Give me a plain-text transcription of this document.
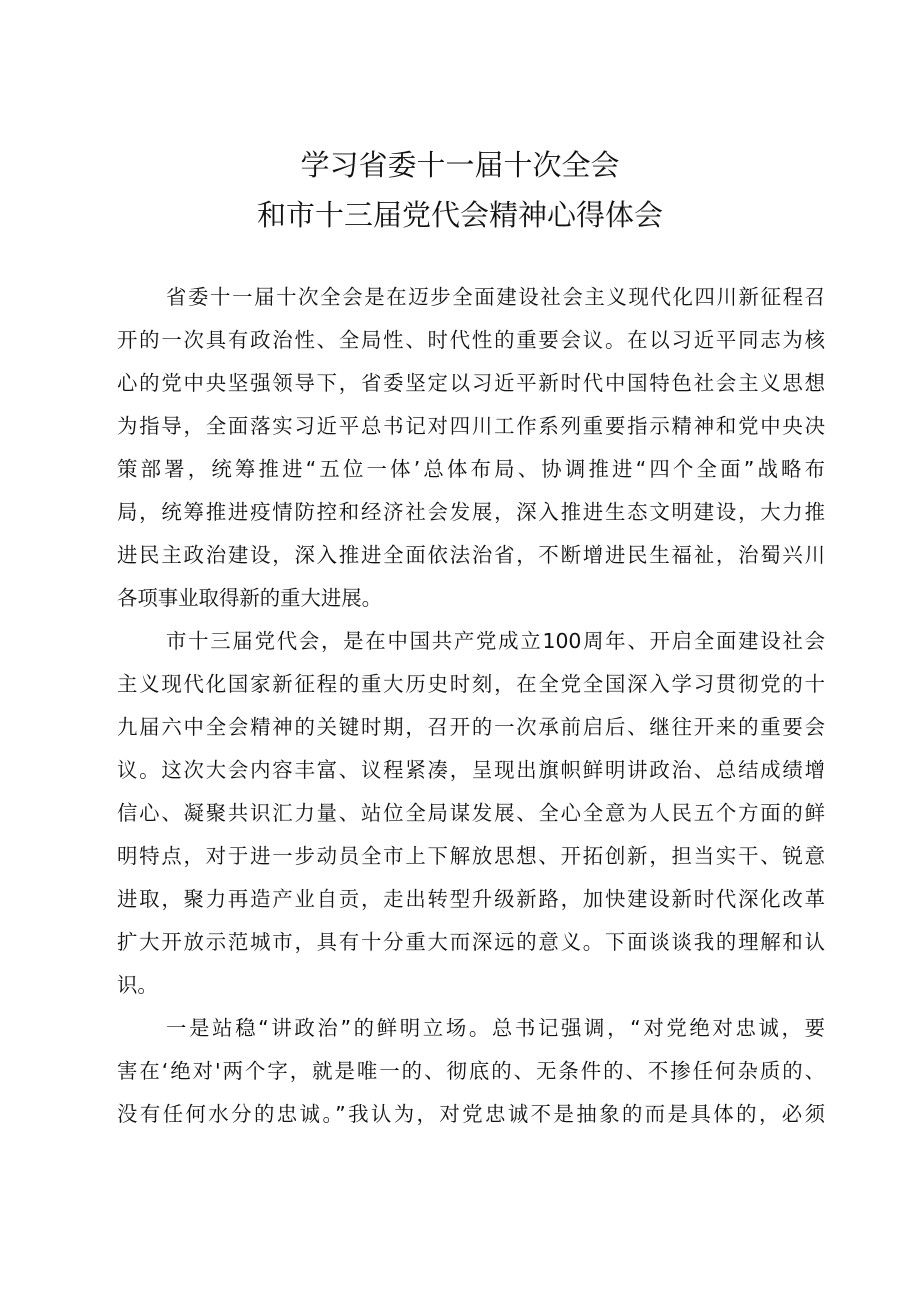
学习省委十一届十次全会
和市十三届党代会精神心得体会
省委十一届十次全会是在迈步全面建设社会主义现代化四川新征程召
开的一次具有政治性、全局性、时代性的重要会议。在以习近平同志为核
心的党中央坚强领导下，省委坚定以习近平新时代中国特色社会主义思想
为指导，全面落实习近平总书记对四川工作系列重要指示精神和党中央决
策部署，统筹推进“五位一体’总体布局、协调推进“四个全面”战略布
局，统筹推进疫情防控和经济社会发展，深入推进生态文明建设，大力推
进民主政治建设，深入推进全面依法治省，不断增进民生福祉，治蜀兴川
各项事业取得新的重大进展。
市十三届党代会，是在中国共产党成立100周年、开启全面建设社会
主义现代化国家新征程的重大历史时刻，在全党全国深入学习贯彻党的十
九届六中全会精神的关键时期，召开的一次承前启后、继往开来的重要会
议。这次大会内容丰富、议程紧凑，呈现出旗帜鲜明讲政治、总结成绩增
信心、凝聚共识汇力量、站位全局谋发展、全心全意为人民五个方面的鲜
明特点，对于进一步动员全市上下解放思想、开拓创新，担当实干、锐意
进取，聚力再造产业自贡，走出转型升级新路，加快建设新时代深化改革
扩大开放示范城市，具有十分重大而深远的意义。下面谈谈我的理解和认
识。
一是站稳“讲政治”的鲜明立场。总书记强调，“对党绝对忠诚，要
害在‘绝对'两个字，就是唯一的、彻底的、无条件的、不掺任何杂质的、
没有任何水分的忠诚。”我认为，对党忠诚不是抽象的而是具体的，必须
